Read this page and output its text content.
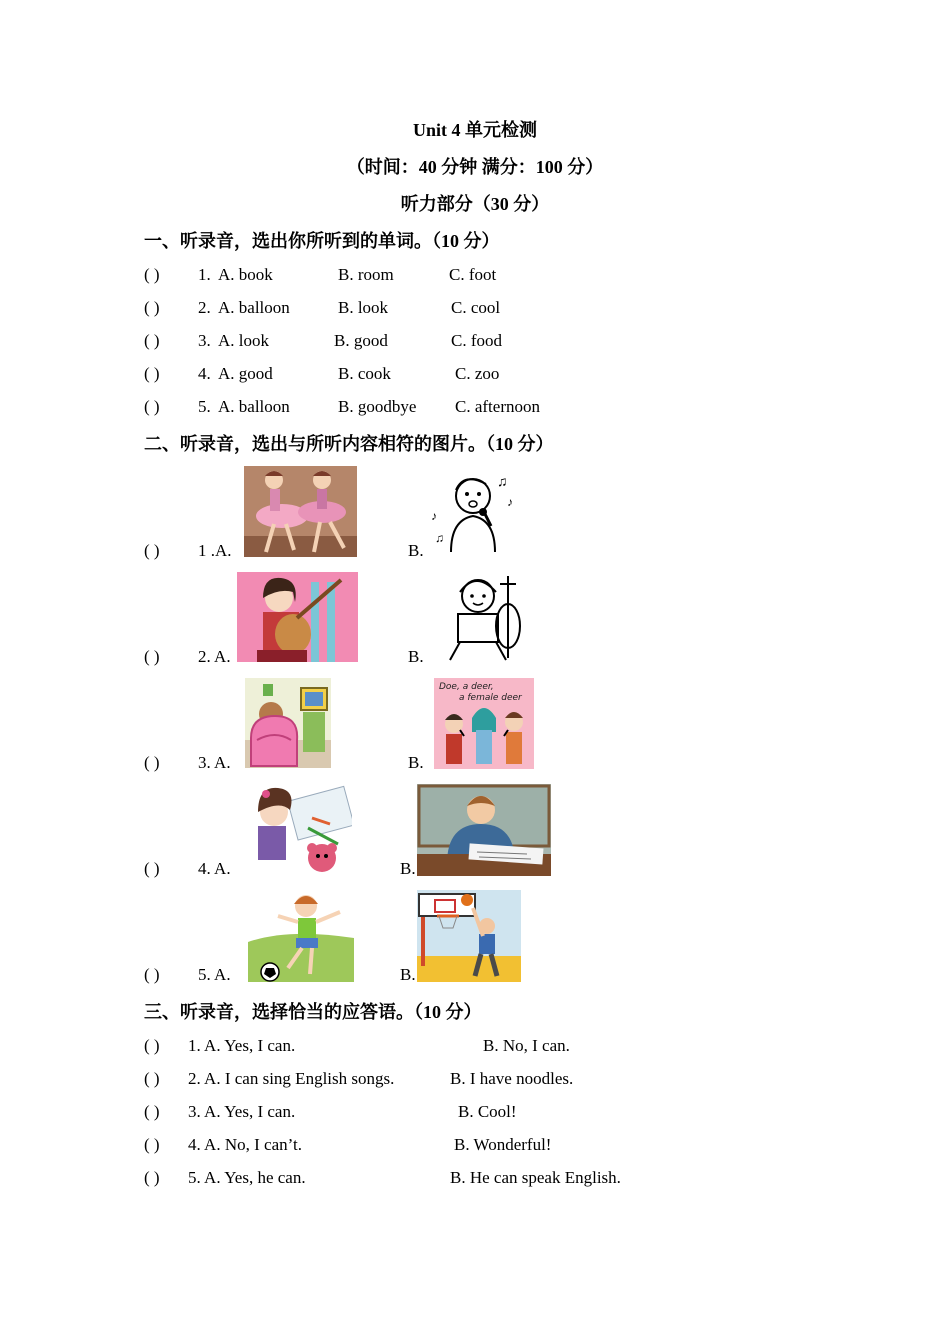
Unit 4 单元检测
（时间：40 分钟 满分：100 分）
听力部分（30 分）
一、听录音，选出你所听到的单词。（10 分）
( ) 1. A. book	B. room	C. foot
( ) 2. A. balloon	B. look	C. cool
( ) 3. A. look	B. good	C. food
( ) 4. A. good	B. cook	C. zoo
( ) 5. A. balloon	B. goodbye C. afternoon
二、听录音，选出与所听内容相符的图片。（10 分）
( ) 1 .A.	B.
♫
♪
♪
♫
( ) 2. A.	B.
( ) 3. A.	B.
Doe, a deer,
a female deer
( ) 4. A.	B.
( ) 5. A.	B.
三、听录音，选择恰当的应答语。（10 分）
( ) 1. A. Yes, I can.	B. No, I can.
( ) 2. A. I can sing English songs.	B. I have noodles.
( ) 3. A. Yes, I can.	B. Cool!
( ) 4. A. No, I can’t.	B. Wonderful!
( ) 5. A. Yes, he can.	B. He can speak English.
